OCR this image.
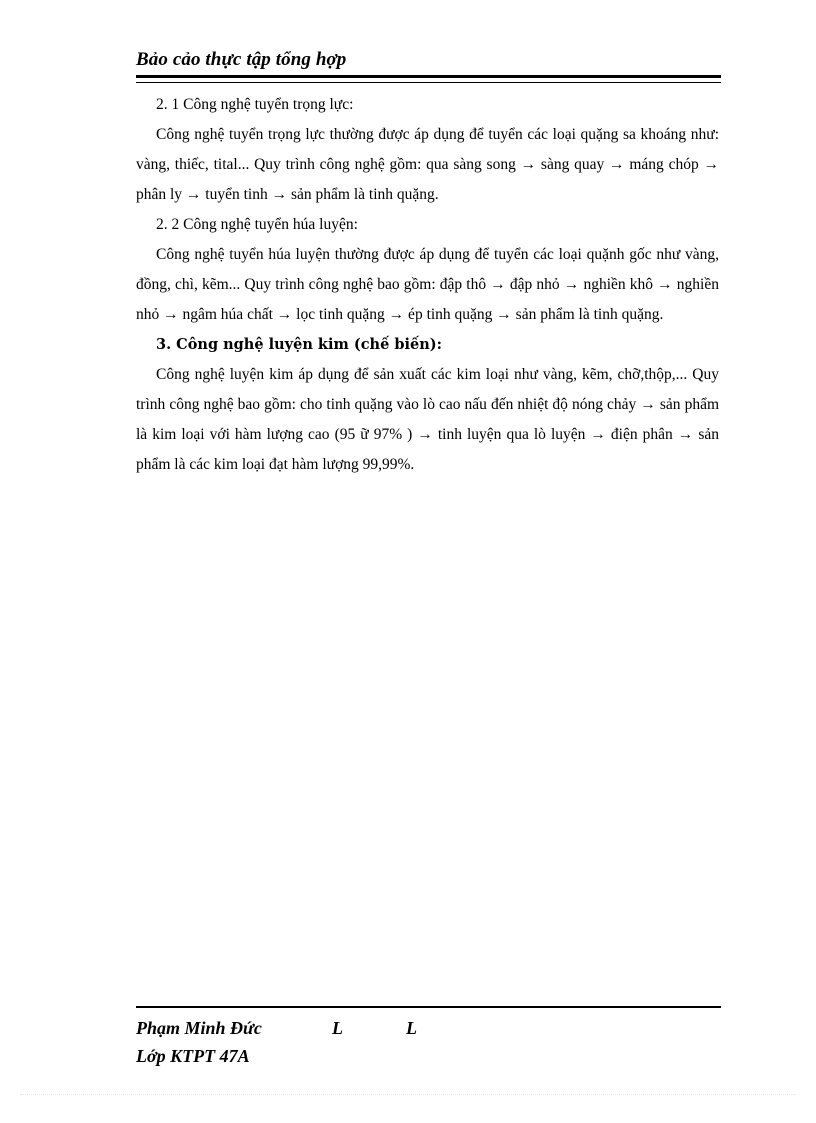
Bảo cảo thực tập tổng hợp

2. 1 Công nghệ tuyển trọng lực:

Công nghệ tuyển trọng lực thường được áp dụng để tuyển các loại quặng sa khoáng như: vàng, thiếc, tital... Quy trình công nghệ gồm: qua sàng song → sàng quay → máng chóp → phân ly → tuyển tinh → sản phẩm là tinh quặng.

2. 2 Công nghệ tuyển húa luyện:

Công nghệ tuyển húa luyện thường được áp dụng để tuyển các loại quặnh gốc như vàng, đồng, chì, kẽm... Quy trình công nghệ bao gồm: đập thô → đập nhỏ → nghiền khô → nghiền nhỏ → ngâm húa chất → lọc tinh quặng → ép tinh quặng → sản phẩm là tinh quặng.

3. Công nghệ luyện kim (chế biến):

Công nghệ luyện kim áp dụng để sản xuất các kim loại như vàng, kẽm, chỡ,thộp,... Quy trình công nghệ bao gồm: cho tinh quặng vào lò cao nấu đến nhiệt độ nóng chảy → sản phẩm là kim loại với hàm lượng cao (95 ữ 97% ) → tinh luyện qua lò luyện → điện phân → sản phẩm là các kim loại đạt hàm lượng 99,99%.

Phạm Minh Đức	L	L
Lớp KTPT 47A
